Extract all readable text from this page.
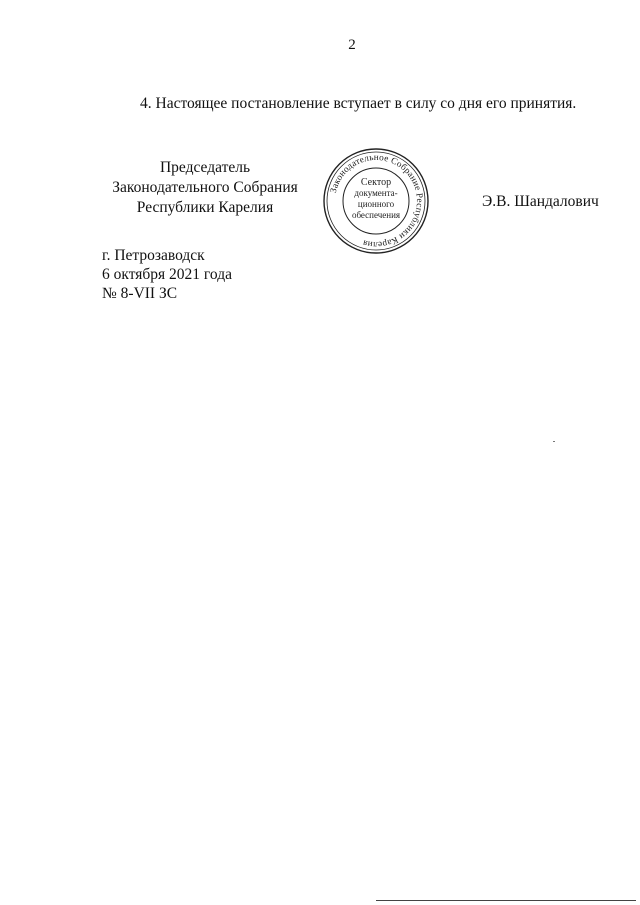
2
4. Настоящее постановление вступает в силу со дня его принятия.
Председатель
Законодательного Собрания
Республики Карелия
Законодательное Собрание Республики Карелия
Сектор
документа-
ционного
обеспечения
Э.В. Шандалович
г. Петрозаводск
6 октября 2021 года
№ 8-VII ЗС
